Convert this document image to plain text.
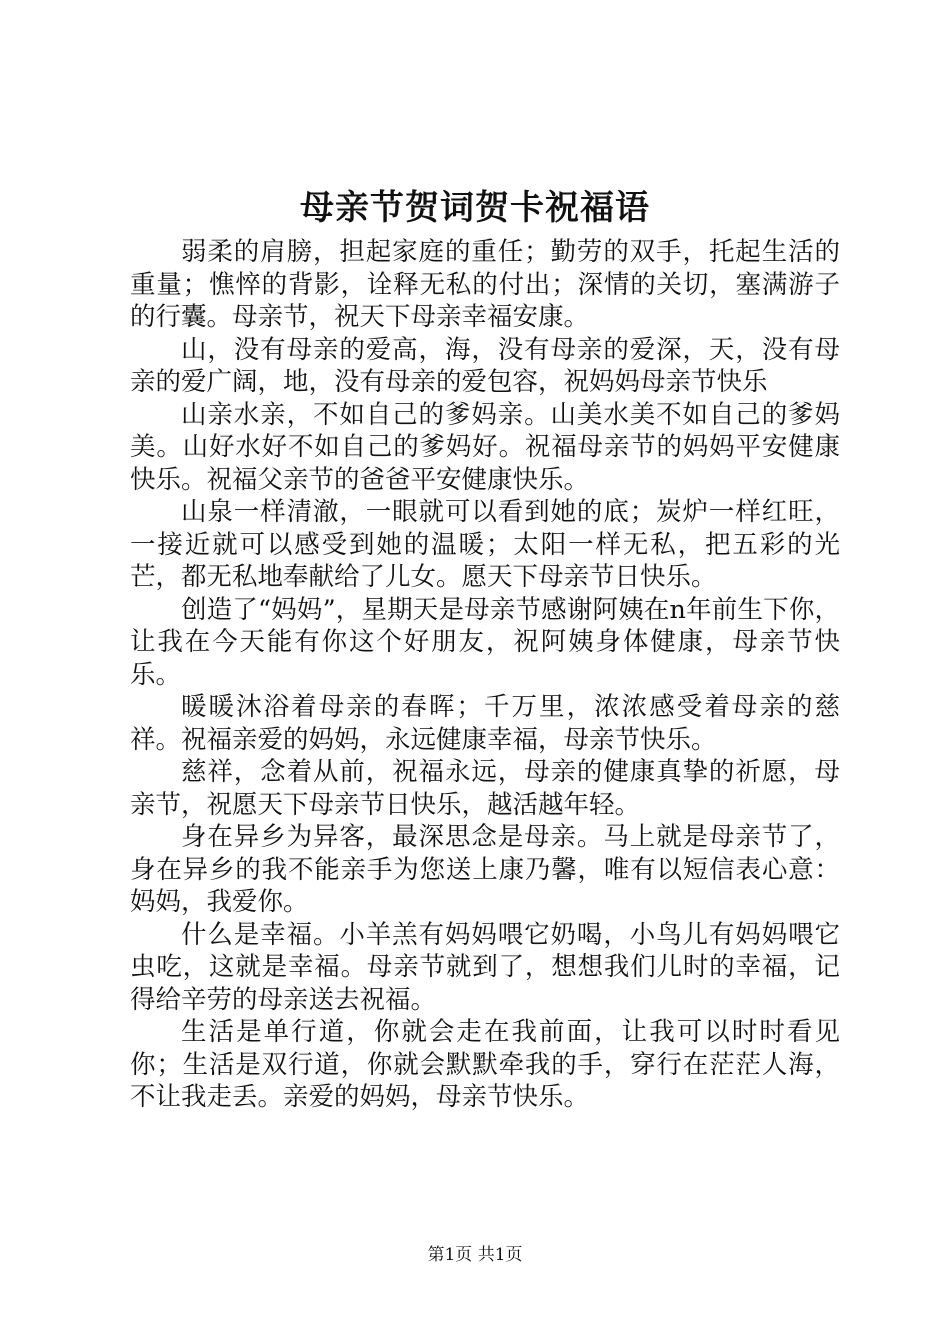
母亲节贺词贺卡祝福语

弱柔的肩膀，担起家庭的重任；勤劳的双手，托起生活的重量；憔悴的背影，诠释无私的付出；深情的关切，塞满游子的行囊。母亲节，祝天下母亲幸福安康。

山，没有母亲的爱高，海，没有母亲的爱深，天，没有母亲的爱广阔，地，没有母亲的爱包容，祝妈妈母亲节快乐

山亲水亲，不如自己的爹妈亲。山美水美不如自己的爹妈美。山好水好不如自己的爹妈好。祝福母亲节的妈妈平安健康快乐。祝福父亲节的爸爸平安健康快乐。

山泉一样清澈，一眼就可以看到她的底；炭炉一样红旺，一接近就可以感受到她的温暖；太阳一样无私，把五彩的光芒，都无私地奉献给了儿女。愿天下母亲节日快乐。

创造了“妈妈”，星期天是母亲节感谢阿姨在n年前生下你，让我在今天能有你这个好朋友，祝阿姨身体健康，母亲节快乐。

暖暖沐浴着母亲的春晖；千万里，浓浓感受着母亲的慈祥。祝福亲爱的妈妈，永远健康幸福，母亲节快乐。

慈祥，念着从前，祝福永远，母亲的健康真挚的祈愿，母亲节，祝愿天下母亲节日快乐，越活越年轻。

身在异乡为异客，最深思念是母亲。马上就是母亲节了，身在异乡的我不能亲手为您送上康乃馨，唯有以短信表心意：妈妈，我爱你。

什么是幸福。小羊羔有妈妈喂它奶喝，小鸟儿有妈妈喂它虫吃，这就是幸福。母亲节就到了，想想我们儿时的幸福，记得给辛劳的母亲送去祝福。

生活是单行道，你就会走在我前面，让我可以时时看见你；生活是双行道，你就会默默牵我的手，穿行在茫茫人海，不让我走丢。亲爱的妈妈，母亲节快乐。

第1页 共1页
